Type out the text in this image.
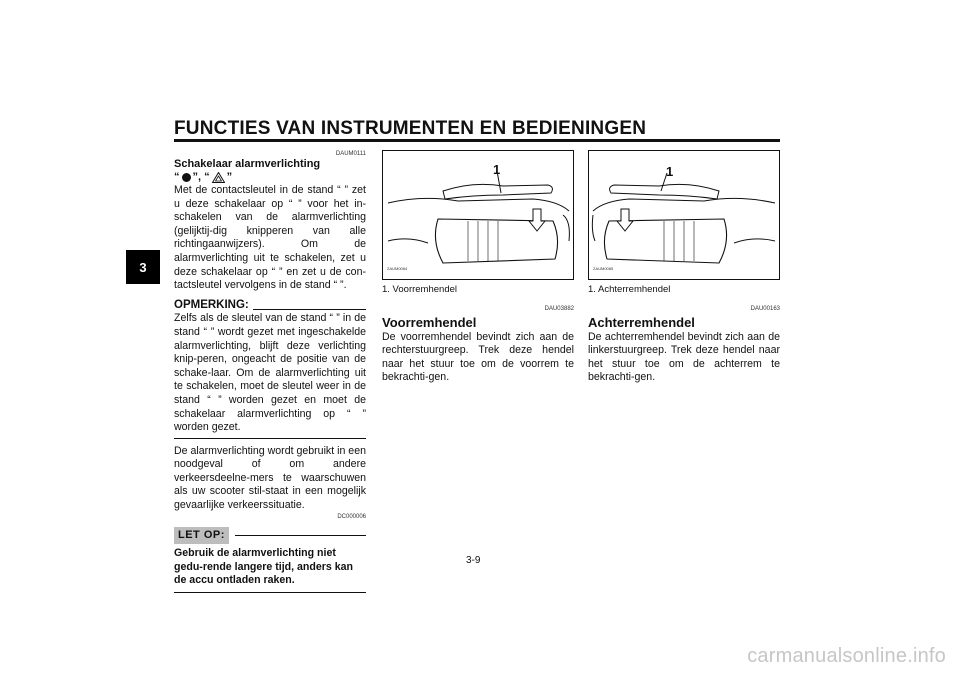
FUNCTIES VAN INSTRUMENTEN EN BEDIENINGEN
3
DAUM0111
Schakelaar alarmverlichting
“ ”, “ ”

Met de contactsleutel in de stand “ ” zet u deze schakelaar op “ ” voor het in-schakelen van de alarmverlichting (gelijktij-dig knipperen van alle richtingaanwijzers). Om de alarmverlichting uit te schakelen, zet u deze schakelaar op “ ” en zet u de con-tactsleutel vervolgens in de stand “ ”.

OPMERKING:

Zelfs als de sleutel van de stand “ ” in de stand “ ” wordt gezet met ingeschakelde alarmverlichting, blijft deze verlichting knip-peren, ongeacht de positie van de schake-laar. Om de alarmverlichting uit te schakelen, moet de sleutel weer in de stand “ ” worden gezet en moet de schakelaar alarmverlichting op “ ” worden gezet.

De alarmverlichting wordt gebruikt in een noodgeval of om andere verkeersdeelne-mers te waarschuwen als uw scooter stil-staat in een mogelijk gevaarlijke verkeerssituatie.

DC000006
LET OP:
Gebruik de alarmverlichting niet gedu-rende langere tijd, anders kan de accu ontladen raken.
1
ZAUM0084
1. Voorremhendel
DAU03882
Voorremhendel

De voorremhendel bevindt zich aan de rechterstuurgreep. Trek deze hendel naar het stuur toe om de voorrem te bekrachti-gen.

1
ZAUM0085
1. Achterremhendel
DAU00163
Achterremhendel

De achterremhendel bevindt zich aan de linkerstuurgreep. Trek deze hendel naar het stuur toe om de achterrem te bekrachti-gen.

3-9
carmanualsonline.info
